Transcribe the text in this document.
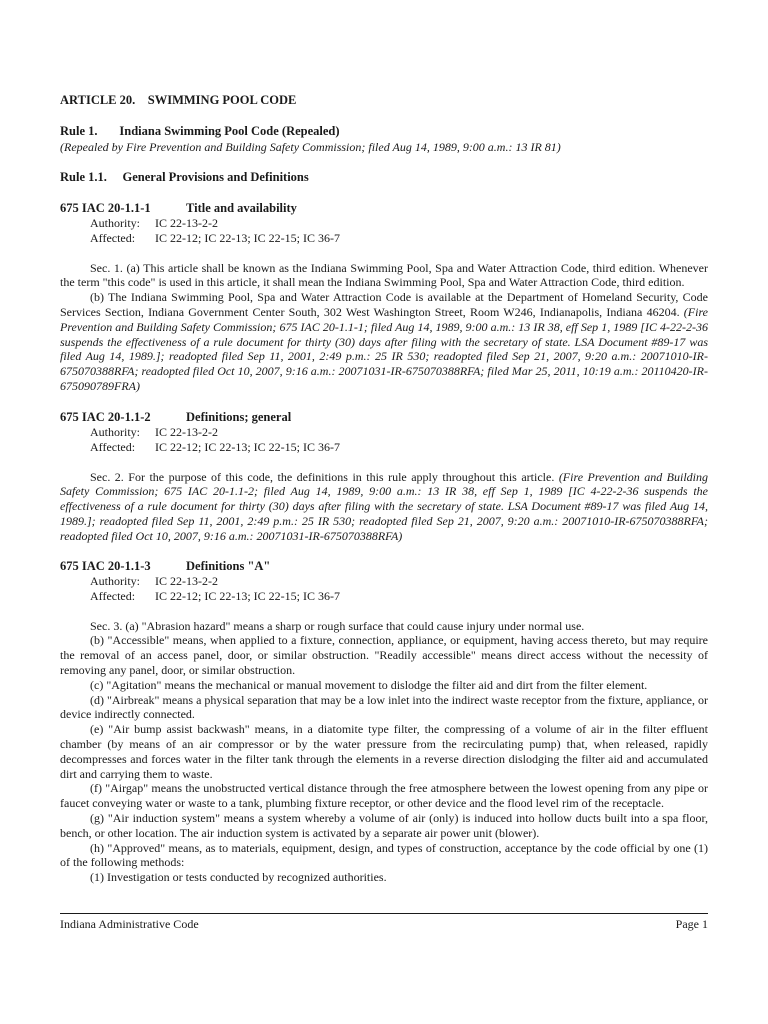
ARTICLE 20.    SWIMMING POOL CODE
Rule 1.       Indiana Swimming Pool Code (Repealed)
(Repealed by Fire Prevention and Building Safety Commission; filed Aug 14, 1989, 9:00 a.m.: 13 IR 81)
Rule 1.1.     General Provisions and Definitions
675 IAC 20-1.1-1	Title and availability
Authority: IC 22-13-2-2
Affected: IC 22-12; IC 22-13; IC 22-15; IC 36-7

Sec. 1. (a) This article shall be known as the Indiana Swimming Pool, Spa and Water Attraction Code, third edition. Whenever the term "this code" is used in this article, it shall mean the Indiana Swimming Pool, Spa and Water Attraction Code, third edition.

(b) The Indiana Swimming Pool, Spa and Water Attraction Code is available at the Department of Homeland Security, Code Services Section, Indiana Government Center South, 302 West Washington Street, Room W246, Indianapolis, Indiana 46204. (Fire Prevention and Building Safety Commission; 675 IAC 20-1.1-1; filed Aug 14, 1989, 9:00 a.m.: 13 IR 38, eff Sep 1, 1989 [IC 4-22-2-36 suspends the effectiveness of a rule document for thirty (30) days after filing with the secretary of state. LSA Document #89-17 was filed Aug 14, 1989.]; readopted filed Sep 11, 2001, 2:49 p.m.: 25 IR 530; readopted filed Sep 21, 2007, 9:20 a.m.: 20071010-IR-675070388RFA; readopted filed Oct 10, 2007, 9:16 a.m.: 20071031-IR-675070388RFA; filed Mar 25, 2011, 10:19 a.m.: 20110420-IR-675090789FRA)

675 IAC 20-1.1-2	Definitions; general
Authority: IC 22-13-2-2
Affected: IC 22-12; IC 22-13; IC 22-15; IC 36-7

Sec. 2. For the purpose of this code, the definitions in this rule apply throughout this article. (Fire Prevention and Building Safety Commission; 675 IAC 20-1.1-2; filed Aug 14, 1989, 9:00 a.m.: 13 IR 38, eff Sep 1, 1989 [IC 4-22-2-36 suspends the effectiveness of a rule document for thirty (30) days after filing with the secretary of state. LSA Document #89-17 was filed Aug 14, 1989.]; readopted filed Sep 11, 2001, 2:49 p.m.: 25 IR 530; readopted filed Sep 21, 2007, 9:20 a.m.: 20071010-IR-675070388RFA; readopted filed Oct 10, 2007, 9:16 a.m.: 20071031-IR-675070388RFA)

675 IAC 20-1.1-3	Definitions "A"
Authority: IC 22-13-2-2
Affected: IC 22-12; IC 22-13; IC 22-15; IC 36-7

Sec. 3. (a) "Abrasion hazard" means a sharp or rough surface that could cause injury under normal use.

(b) "Accessible" means, when applied to a fixture, connection, appliance, or equipment, having access thereto, but may require the removal of an access panel, door, or similar obstruction. "Readily accessible" means direct access without the necessity of removing any panel, door, or similar obstruction.

(c) "Agitation" means the mechanical or manual movement to dislodge the filter aid and dirt from the filter element.

(d) "Airbreak" means a physical separation that may be a low inlet into the indirect waste receptor from the fixture, appliance, or device indirectly connected.

(e) "Air bump assist backwash" means, in a diatomite type filter, the compressing of a volume of air in the filter effluent chamber (by means of an air compressor or by the water pressure from the recirculating pump) that, when released, rapidly decompresses and forces water in the filter tank through the elements in a reverse direction dislodging the filter aid and accumulated dirt and carrying them to waste.

(f) "Airgap" means the unobstructed vertical distance through the free atmosphere between the lowest opening from any pipe or faucet conveying water or waste to a tank, plumbing fixture receptor, or other device and the flood level rim of the receptacle.

(g) "Air induction system" means a system whereby a volume of air (only) is induced into hollow ducts built into a spa floor, bench, or other location. The air induction system is activated by a separate air power unit (blower).

(h) "Approved" means, as to materials, equipment, design, and types of construction, acceptance by the code official by one (1) of the following methods:

(1) Investigation or tests conducted by recognized authorities.

Indiana Administrative Code	Page 1
